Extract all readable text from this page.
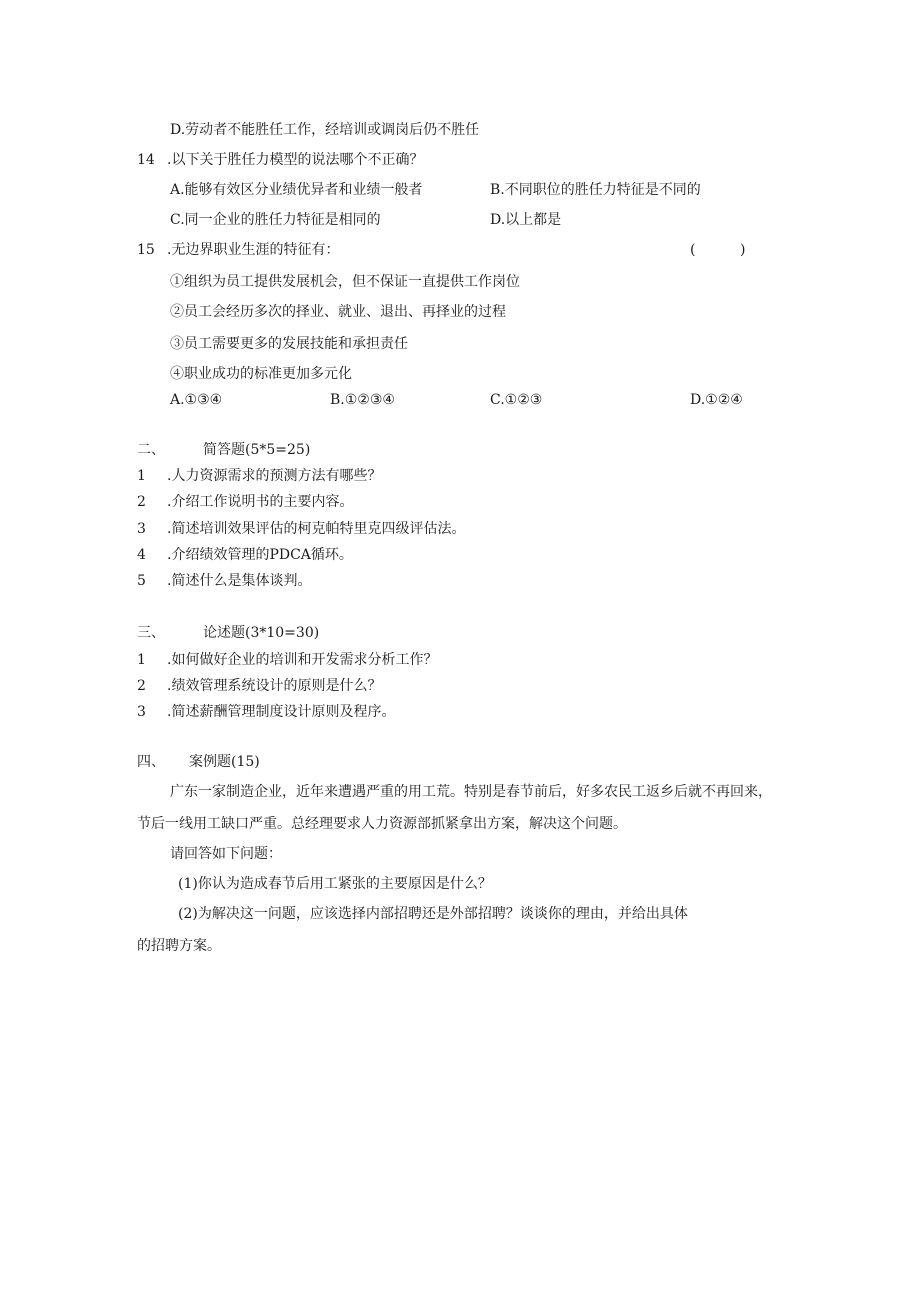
D.劳动者不能胜任工作，经培训或调岗后仍不胜任
14 .以下关于胜任力模型的说法哪个不正确？
A.能够有效区分业绩优异者和业绩一般者	B.不同职位的胜任力特征是不同的
C.同一企业的胜任力特征是相同的	D.以上都是
15 .无边界职业生涯的特征有：	(          )
①组织为员工提供发展机会，但不保证一直提供工作岗位
②员工会经历多次的择业、就业、退出、再择业的过程
③员工需要更多的发展技能和承担责任
④职业成功的标准更加多元化
A.①③④	B.①②③④	C.①②③	D.①②④
二、	简答题(5*5=25)
1 .人力资源需求的预测方法有哪些？
2 .介绍工作说明书的主要内容。
3 .简述培训效果评估的柯克帕特里克四级评估法。
4 .介绍绩效管理的PDCA循环。
5 .简述什么是集体谈判。
三、	论述题(3*10=30)
1 .如何做好企业的培训和开发需求分析工作？
2 .绩效管理系统设计的原则是什么？
3 .简述薪酬管理制度设计原则及程序。
四、 案例题(15)
广东一家制造企业，近年来遭遇严重的用工荒。特别是春节前后，好多农民工返乡后就不再回来，
节后一线用工缺口严重。总经理要求人力资源部抓紧拿出方案，解决这个问题。
请回答如下问题：
(1)你认为造成春节后用工紧张的主要原因是什么？
(2)为解决这一问题，应该选择内部招聘还是外部招聘？谈谈你的理由，并给出具体
的招聘方案。
